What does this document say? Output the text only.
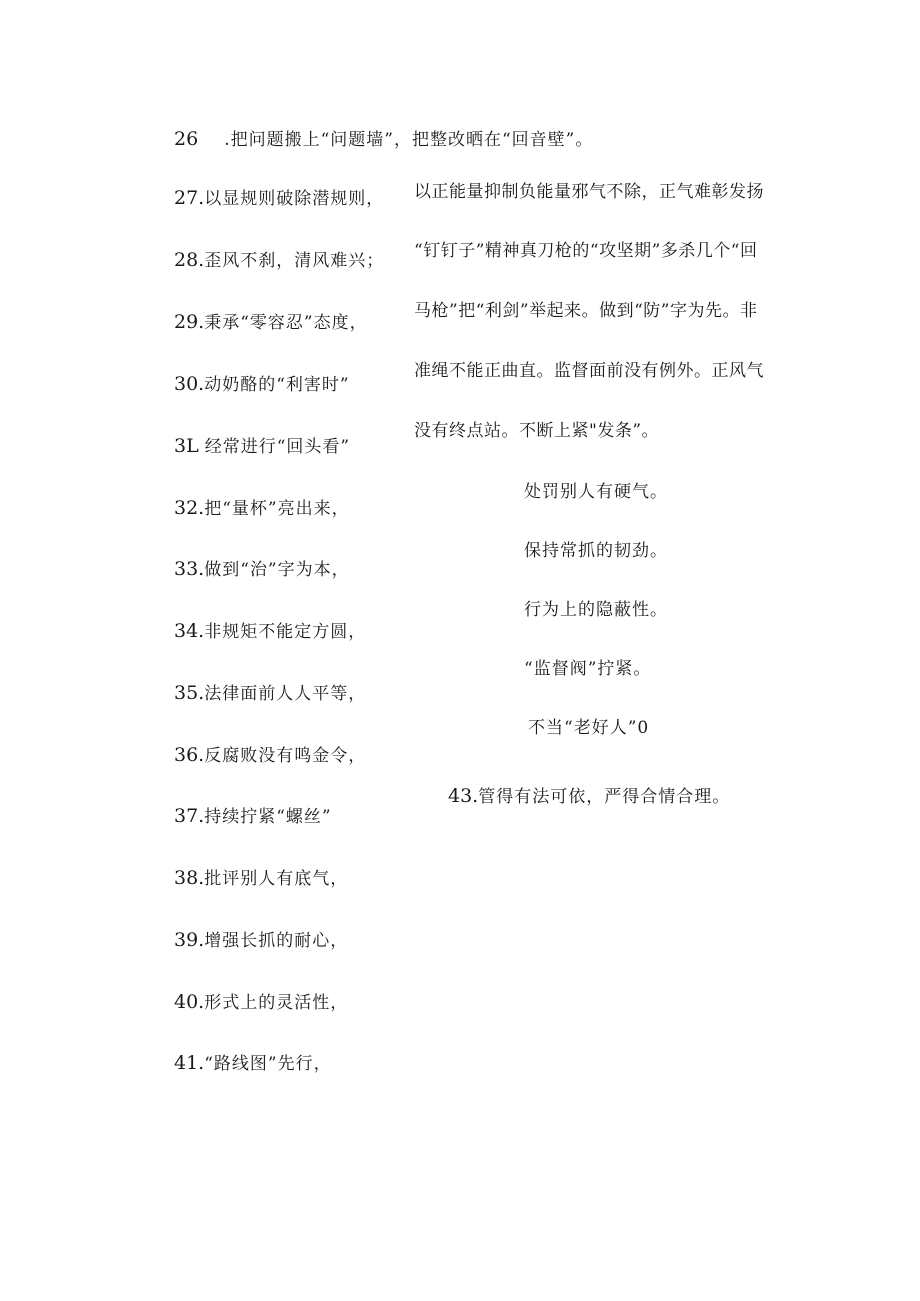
26 .把问题搬上“问题墙”，把整改晒在“回音壁”。
27.以显规则破除潜规则，
28.歪风不刹，清风难兴；
29.秉承“零容忍”态度，
30.动奶酪的“利害时”
3L 经常进行“回头看”
32.把“量杯”亮出来，
33.做到“治”字为本，
34.非规矩不能定方圆，
35.法律面前人人平等，
36.反腐败没有鸣金令，
37.持续拧紧“螺丝”
38.批评别人有底气，
39.增强长抓的耐心，
40.形式上的灵活性，
41.“路线图”先行，
以正能量抑制负能量邪气不除，正气难彰发扬
“钉钉子”精神真刀枪的“攻坚期”多杀几个“回
马枪”把“利剑”举起来。做到“防”字为先。非
准绳不能正曲直。监督面前没有例外。正风气
没有终点站。不断上紧"发条”。
处罚别人有硬气。
保持常抓的韧劲。
行为上的隐蔽性。
“监督阀”拧紧。
不当“老好人”0
43.管得有法可依，严得合情合理。
